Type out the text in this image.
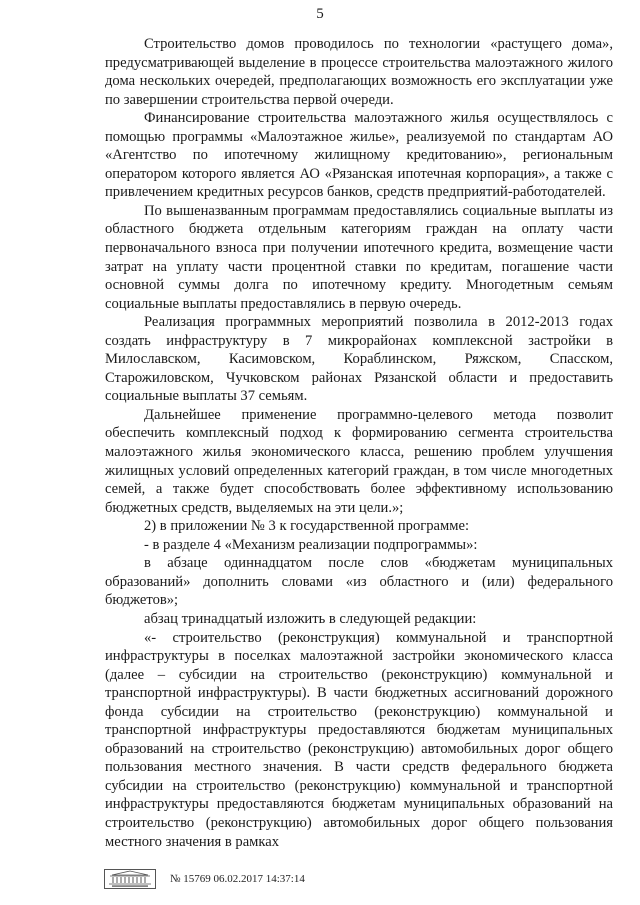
5

Строительство домов проводилось по технологии «растущего дома», предусматривающей выделение в процессе строительства малоэтажного жилого дома нескольких очередей, предполагающих возможность его эксплуатации уже по завершении строительства первой очереди.

Финансирование строительства малоэтажного жилья осуществлялось с помощью программы «Малоэтажное жилье», реализуемой по стандартам АО «Агентство по ипотечному жилищному кредитованию», региональным оператором которого является АО «Рязанская ипотечная корпорация», а также с привлечением кредитных ресурсов банков, средств предприятий-работодателей.

По вышеназванным программам предоставлялись социальные выплаты из областного бюджета отдельным категориям граждан на оплату части первоначального взноса при получении ипотечного кредита, возмещение части затрат на уплату части процентной ставки по кредитам, погашение части основной суммы долга по ипотечному кредиту. Многодетным семьям социальные выплаты предоставлялись в первую очередь.

Реализация программных мероприятий позволила в 2012-2013 годах создать инфраструктуру в 7 микрорайонах комплексной застройки в Милославском, Касимовском, Кораблинском, Ряжском, Спасском, Старожиловском, Чучковском районах Рязанской области и предоставить социальные выплаты 37 семьям.

Дальнейшее применение программно-целевого метода позволит обеспечить комплексный подход к формированию сегмента строительства малоэтажного жилья экономического класса, решению проблем улучшения жилищных условий определенных категорий граждан, в том числе многодетных семей, а также будет способствовать более эффективному использованию бюджетных средств, выделяемых на эти цели.»;

2) в приложении № 3 к государственной программе:

- в разделе 4 «Механизм реализации подпрограммы»:

в абзаце одиннадцатом после слов «бюджетам муниципальных образований» дополнить словами «из областного и (или) федерального бюджетов»;

абзац тринадцатый изложить в следующей редакции:

«- строительство (реконструкция) коммунальной и транспортной инфраструктуры в поселках малоэтажной застройки экономического класса (далее – субсидии на строительство (реконструкцию) коммунальной и транспортной инфраструктуры). В части бюджетных ассигнований дорожного фонда субсидии на строительство (реконструкцию) коммунальной и транспортной инфраструктуры предоставляются бюджетам муниципальных образований на строительство (реконструкцию) автомобильных дорог общего пользования местного значения. В части средств федерального бюджета субсидии на строительство (реконструкцию) коммунальной и транспортной инфраструктуры предоставляются бюджетам муниципальных образований на строительство (реконструкцию) автомобильных дорог общего пользования местного значения в рамках

№ 15769 06.02.2017 14:37:14
